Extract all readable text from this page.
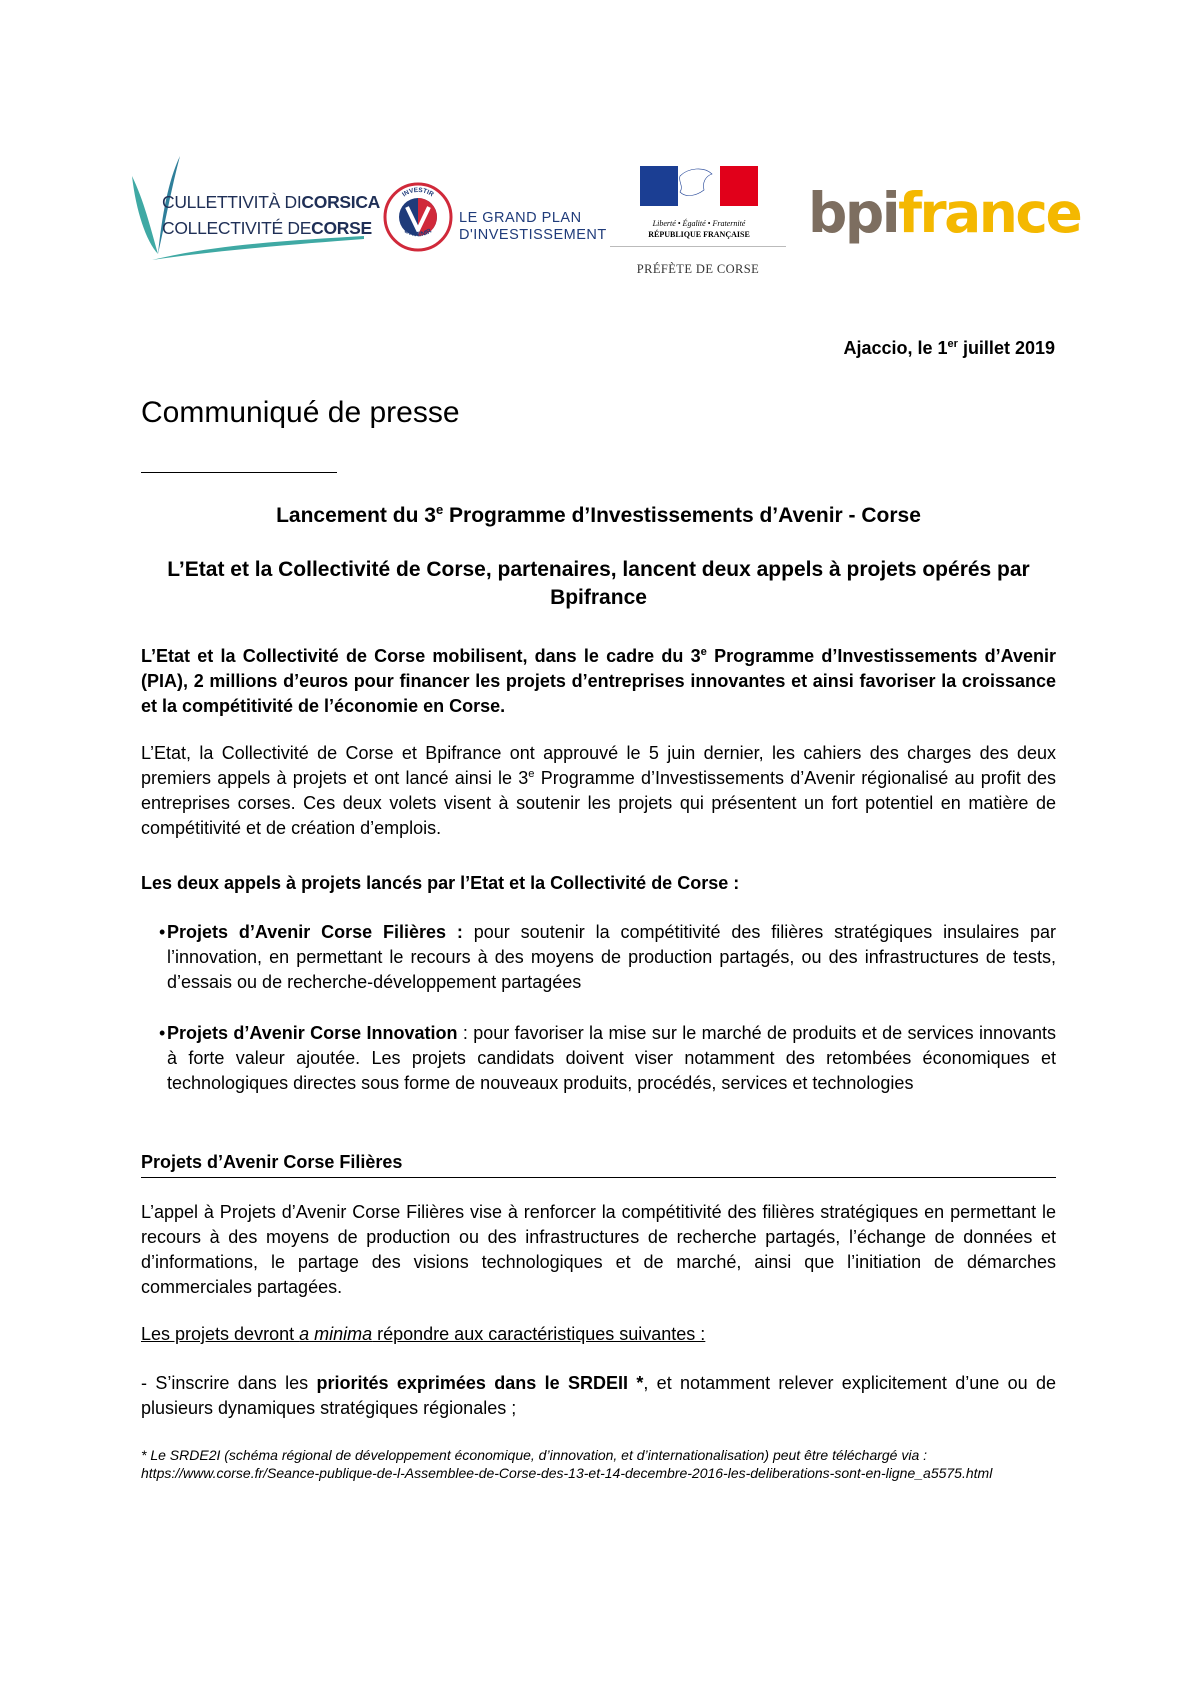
CULLETTIVITÀ DICORSICA
COLLECTIVITÉ DECORSE
INVESTIR
L'AVENIR
LE GRAND PLAN
D'INVESTISSEMENT
Liberté • Égalité • Fraternité
RÉPUBLIQUE FRANÇAISE
PRÉFÈTE DE CORSE
bpifrance
Ajaccio, le 1er juillet 2019
Communiqué de presse
Lancement du 3e Programme d’Investissements d’Avenir - Corse
L’Etat et la Collectivité de Corse, partenaires, lancent deux appels à projets opérés par Bpifrance

L’Etat et la Collectivité de Corse mobilisent, dans le cadre du 3e Programme d’Investissements d’Avenir (PIA), 2 millions d’euros pour financer les projets d’entreprises innovantes et ainsi favoriser la croissance et la compétitivité de l’économie en Corse.

L’Etat, la Collectivité de Corse et Bpifrance ont approuvé le 5 juin dernier, les cahiers des charges des deux premiers appels à projets et ont lancé ainsi le 3e Programme d’Investissements d’Avenir régionalisé au profit des entreprises corses. Ces deux volets visent à soutenir les projets qui présentent un fort potentiel en matière de compétitivité et de création d’emplois.

Les deux appels à projets lancés par l’Etat et la Collectivité de Corse :

• Projets d’Avenir Corse Filières : pour soutenir la compétitivité des filières stratégiques insulaires par l’innovation, en permettant le recours à des moyens de production partagés, ou des infrastructures de tests, d’essais ou de recherche-développement partagées
• Projets d’Avenir Corse Innovation : pour favoriser la mise sur le marché de produits et de services innovants à forte valeur ajoutée. Les projets candidats doivent viser notamment des retombées économiques et technologiques directes sous forme de nouveaux produits, procédés, services et technologies
Projets d’Avenir Corse Filières

L’appel à Projets d’Avenir Corse Filières vise à renforcer la compétitivité des filières stratégiques en permettant le recours à des moyens de production ou des infrastructures de recherche partagés, l’échange de données et d’informations, le partage des visions technologiques et de marché, ainsi que l’initiation de démarches commerciales partagées.

Les projets devront a minima répondre aux caractéristiques suivantes :

- S’inscrire dans les priorités exprimées dans le SRDEII *, et notamment relever explicitement d’une ou de plusieurs dynamiques stratégiques régionales ;

* Le SRDE2I (schéma régional de développement économique, d’innovation, et d’internationalisation) peut être téléchargé via :
https://www.corse.fr/Seance-publique-de-l-Assemblee-de-Corse-des-13-et-14-decembre-2016-les-deliberations-sont-en-ligne_a5575.html
